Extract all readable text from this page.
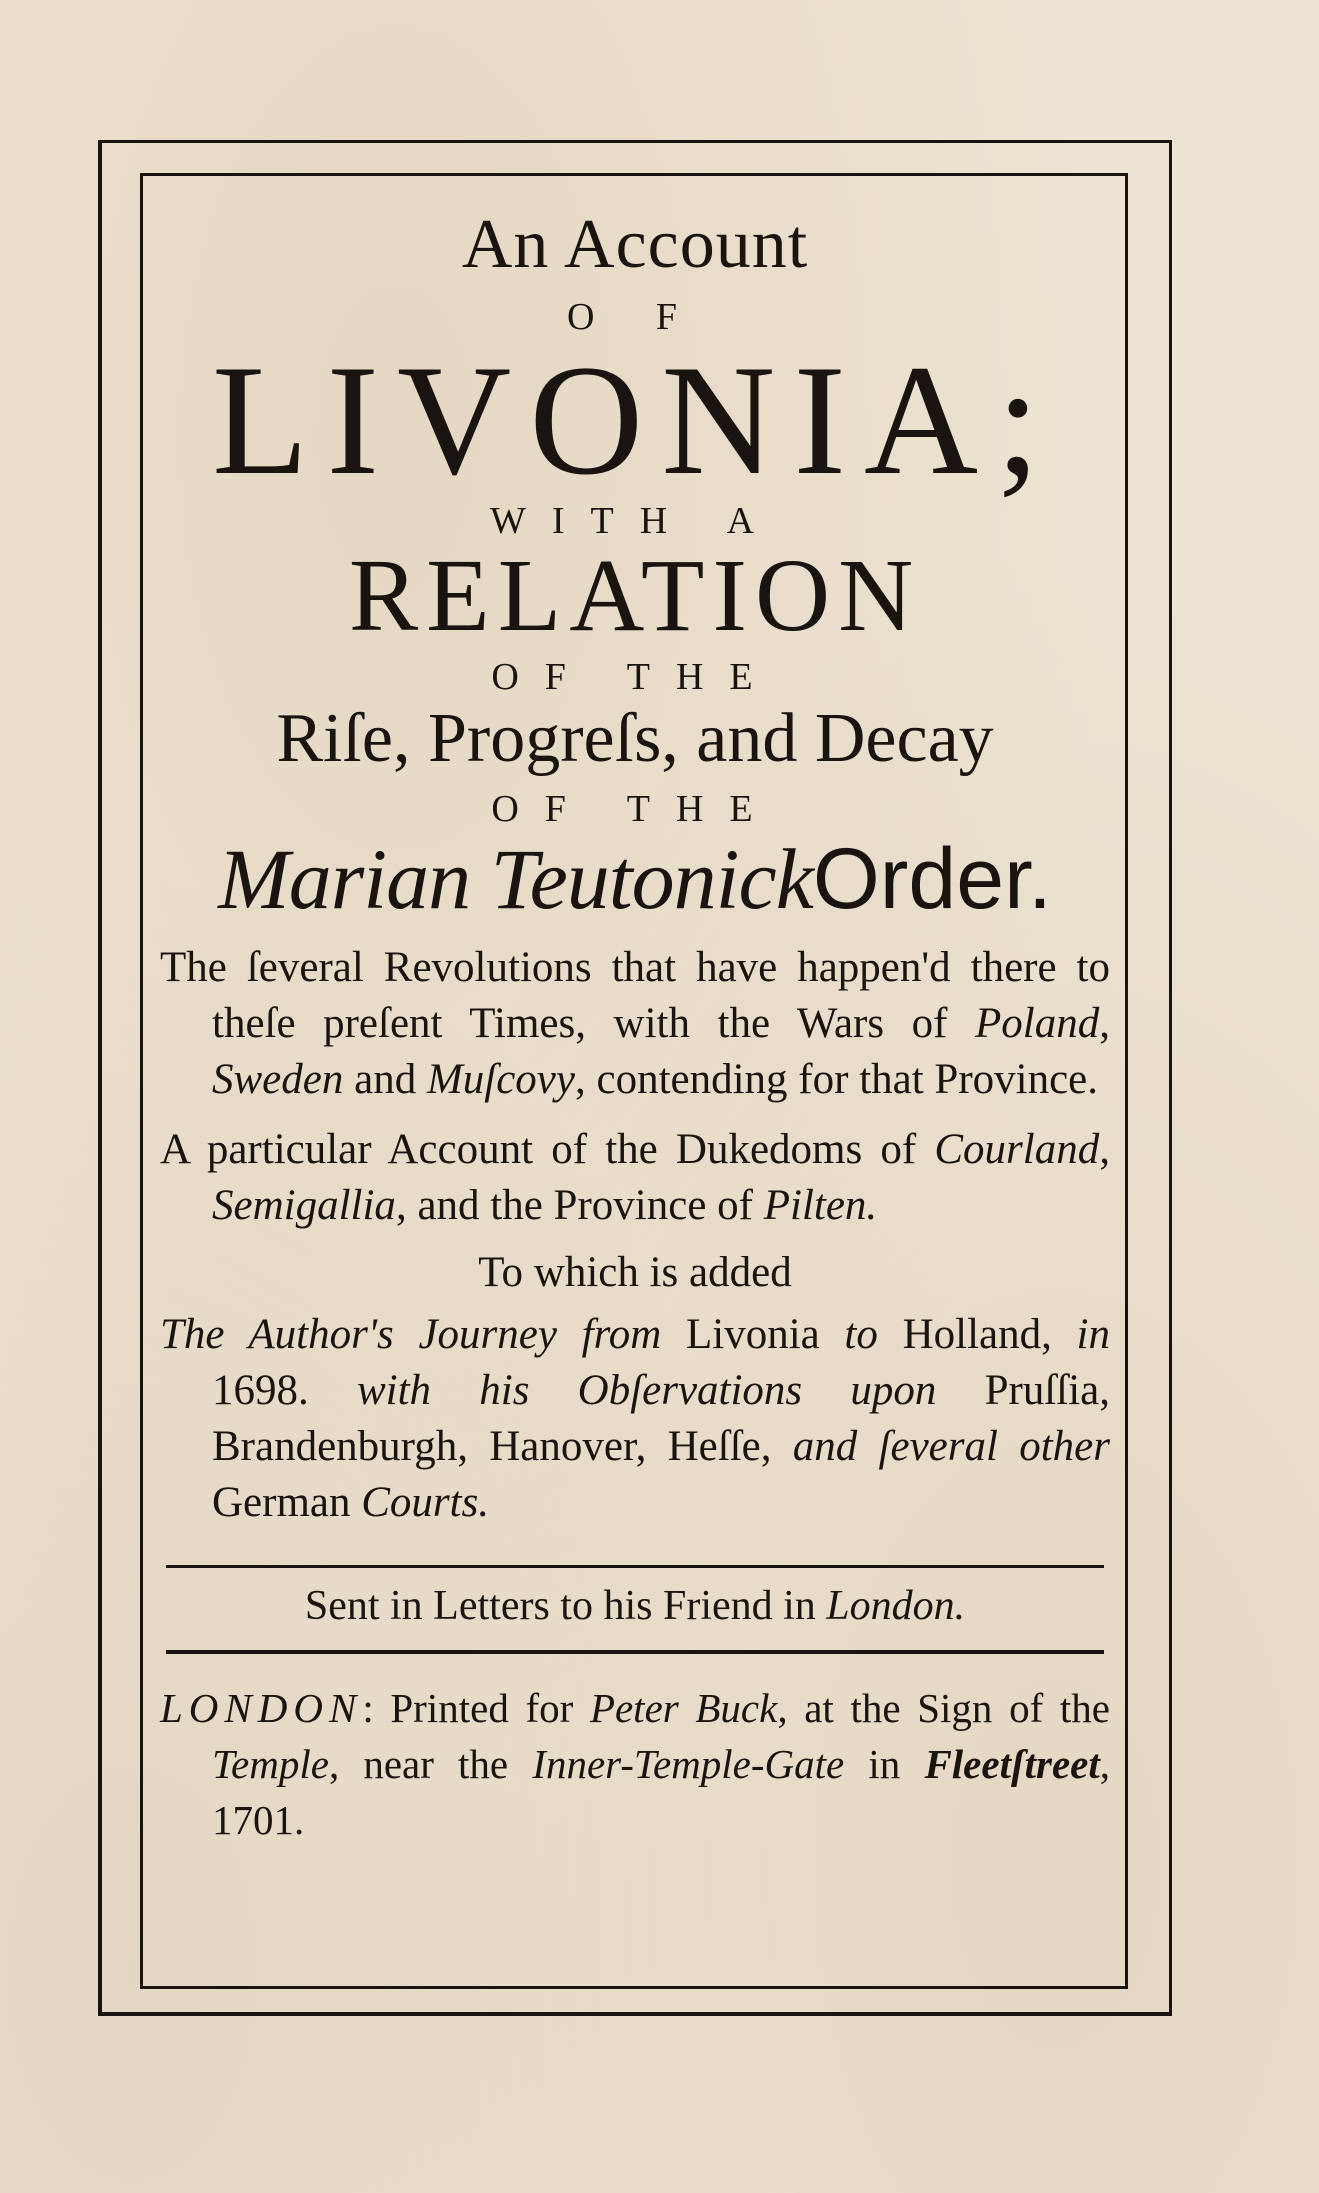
An Account
O F
LIVONIA;
WITH A
RELATION
OF THE
Riſe, Progreſs, and Decay
OF THE
Marian TeutonickOrder.
The ſeveral Revolutions that have happen'd there to theſe preſent Times, with the Wars of Poland, Sweden and Muſcovy, contending for that Province.
A particular Account of the Dukedoms of Courland, Semigallia, and the Province of Pilten.
To which is added
The Author's Journey from Livonia to Holland, in 1698. with his Obſervations upon Pruſſia, Brandenburgh, Hanover, Heſſe, and ſeveral other German Courts.
Sent in Letters to his Friend in London.
LONDON: Printed for Peter Buck, at the Sign of the Temple, near the Inner-Temple-Gate in Fleetſtreet, 1701.
